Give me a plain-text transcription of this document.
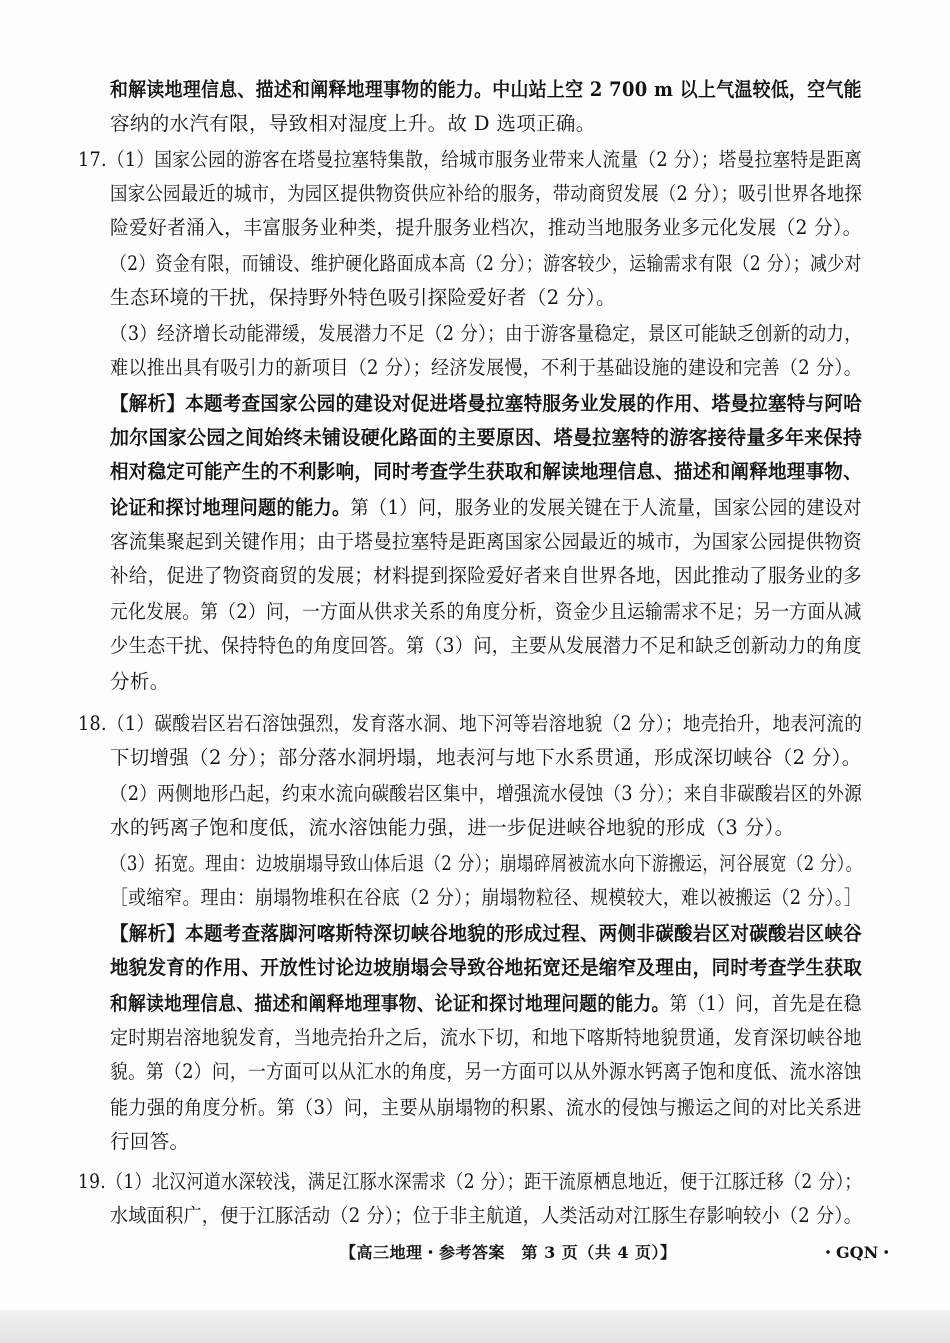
和解读地理信息、描述和阐释地理事物的能力。中山站上空 2 700 m 以上气温较低，空气能
容纳的水汽有限，导致相对湿度上升。故 D 选项正确。
17.（1）国家公园的游客在塔曼拉塞特集散，给城市服务业带来人流量（2 分）；塔曼拉塞特是距离
国家公园最近的城市，为园区提供物资供应补给的服务，带动商贸发展（2 分）；吸引世界各地探
险爱好者涌入，丰富服务业种类，提升服务业档次，推动当地服务业多元化发展（2 分）。
（2）资金有限，而铺设、维护硬化路面成本高（2 分）；游客较少，运输需求有限（2 分）；减少对
生态环境的干扰，保持野外特色吸引探险爱好者（2 分）。
（3）经济增长动能滞缓，发展潜力不足（2 分）；由于游客量稳定，景区可能缺乏创新的动力，
难以推出具有吸引力的新项目（2 分）；经济发展慢，不利于基础设施的建设和完善（2 分）。
【解析】本题考查国家公园的建设对促进塔曼拉塞特服务业发展的作用、塔曼拉塞特与阿哈
加尔国家公园之间始终未铺设硬化路面的主要原因、塔曼拉塞特的游客接待量多年来保持
相对稳定可能产生的不利影响，同时考查学生获取和解读地理信息、描述和阐释地理事物、
论证和探讨地理问题的能力。第（1）问，服务业的发展关键在于人流量，国家公园的建设对
客流集聚起到关键作用；由于塔曼拉塞特是距离国家公园最近的城市，为国家公园提供物资
补给，促进了物资商贸的发展；材料提到探险爱好者来自世界各地，因此推动了服务业的多
元化发展。第（2）问，一方面从供求关系的角度分析，资金少且运输需求不足；另一方面从减
少生态干扰、保持特色的角度回答。第（3）问，主要从发展潜力不足和缺乏创新动力的角度
分析。
18.（1）碳酸岩区岩石溶蚀强烈，发育落水洞、地下河等岩溶地貌（2 分）；地壳抬升，地表河流的
下切增强（2 分）；部分落水洞坍塌，地表河与地下水系贯通，形成深切峡谷（2 分）。
（2）两侧地形凸起，约束水流向碳酸岩区集中，增强流水侵蚀（3 分）；来自非碳酸岩区的外源
水的钙离子饱和度低，流水溶蚀能力强，进一步促进峡谷地貌的形成（3 分）。
（3）拓宽。理由：边坡崩塌导致山体后退（2 分）；崩塌碎屑被流水向下游搬运，河谷展宽（2 分）。
［或缩窄。理由：崩塌物堆积在谷底（2 分）；崩塌物粒径、规模较大，难以被搬运（2 分）。］
【解析】本题考查落脚河喀斯特深切峡谷地貌的形成过程、两侧非碳酸岩区对碳酸岩区峡谷
地貌发育的作用、开放性讨论边坡崩塌会导致谷地拓宽还是缩窄及理由，同时考查学生获取
和解读地理信息、描述和阐释地理事物、论证和探讨地理问题的能力。第（1）问，首先是在稳
定时期岩溶地貌发育，当地壳抬升之后，流水下切，和地下喀斯特地貌贯通，发育深切峡谷地
貌。第（2）问，一方面可以从汇水的角度，另一方面可以从外源水钙离子饱和度低、流水溶蚀
能力强的角度分析。第（3）问，主要从崩塌物的积累、流水的侵蚀与搬运之间的对比关系进
行回答。
19.（1）北汉河道水深较浅，满足江豚水深需求（2 分）；距干流原栖息地近，便于江豚迁移（2 分）；
水域面积广，便于江豚活动（2 分）；位于非主航道，人类活动对江豚生存影响较小（2 分）。
【高三地理・参考答案　第 3 页（共 4 页）】	・GQN・
